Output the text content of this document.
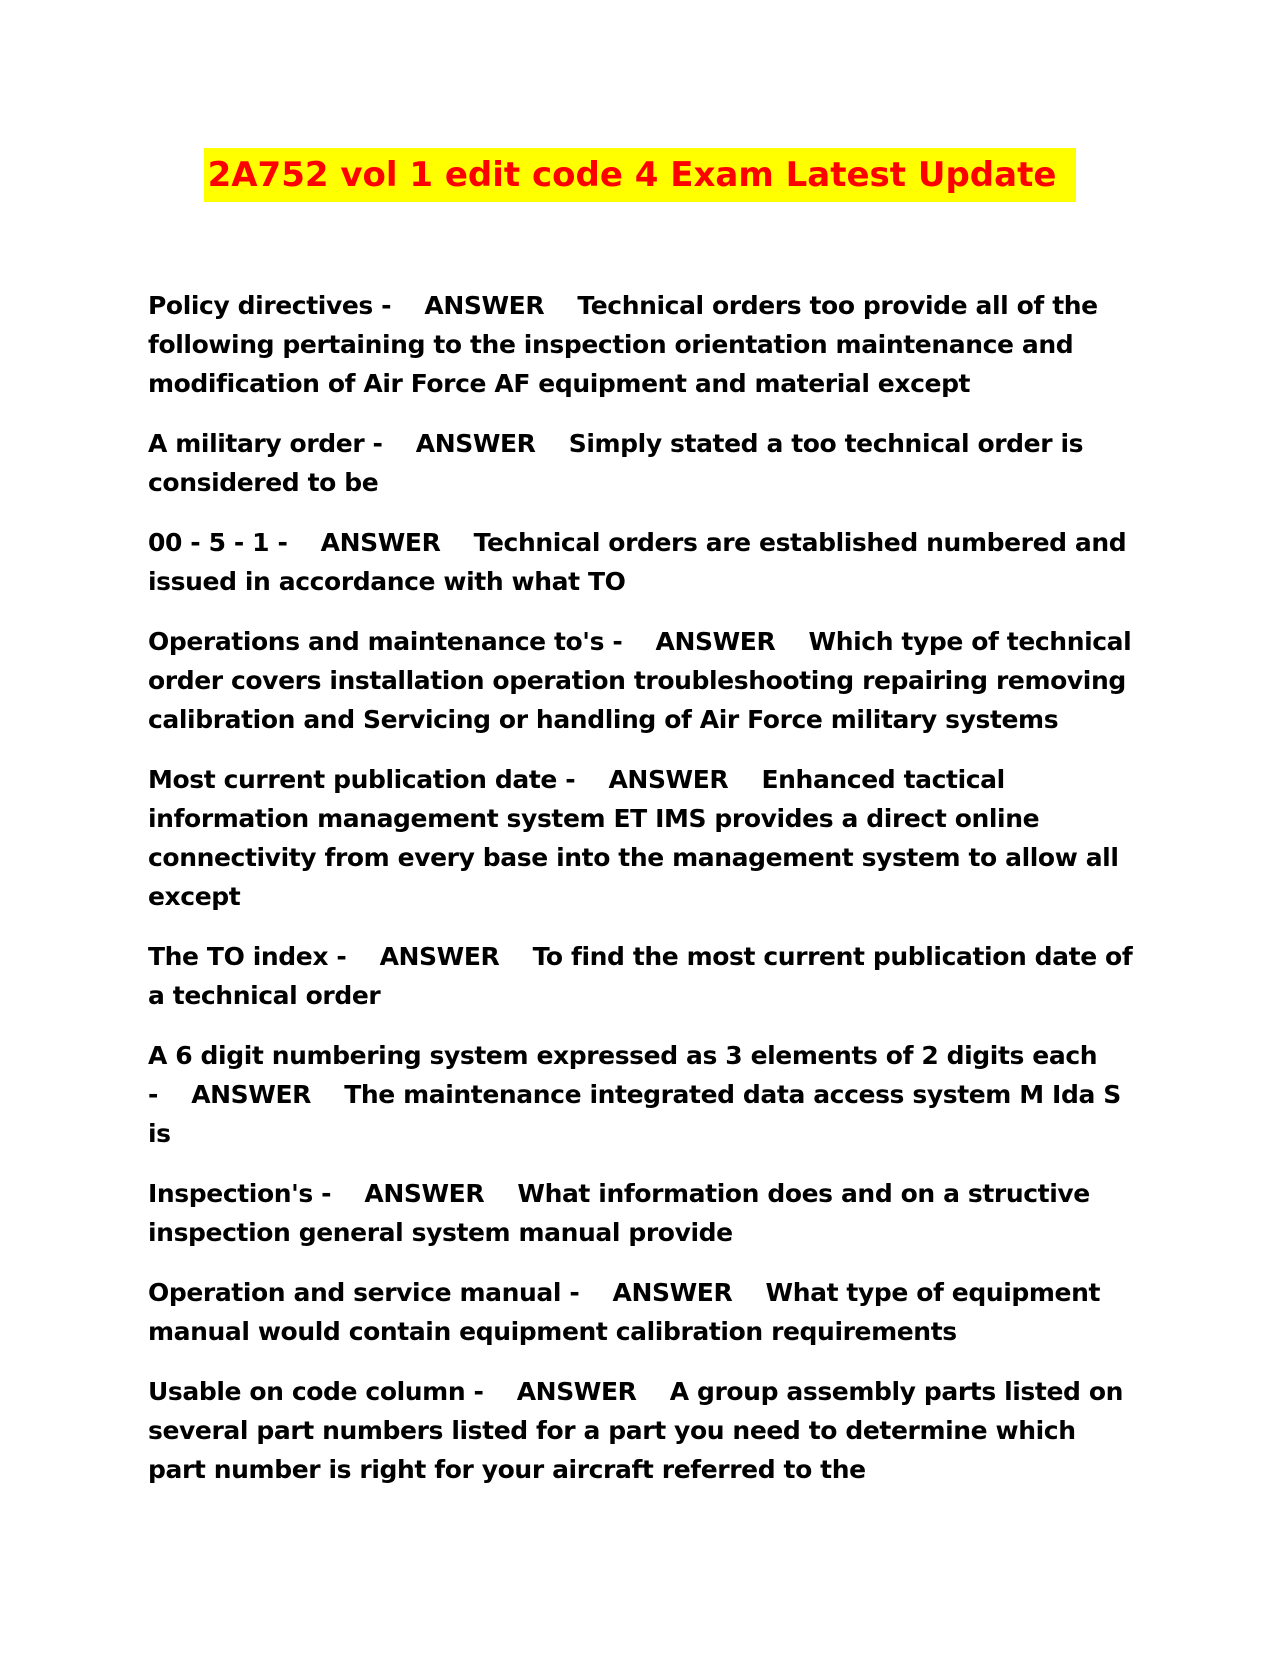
2A752 vol 1 edit code 4 Exam Latest Update

Policy directives - ANSWER Technical orders too provide all of the following pertaining to the inspection orientation maintenance and modification of Air Force AF equipment and material except

A military order - ANSWER Simply stated a too technical order is considered to be

00 - 5 - 1 - ANSWER Technical orders are established numbered and issued in accordance with what TO

Operations and maintenance to's - ANSWER Which type of technical order covers installation operation troubleshooting repairing removing calibration and Servicing or handling of Air Force military systems

Most current publication date - ANSWER Enhanced tactical information management system ET IMS provides a direct online connectivity from every base into the management system to allow all except

The TO index - ANSWER To find the most current publication date of a technical order

A 6 digit numbering system expressed as 3 elements of 2 digits each - ANSWER The maintenance integrated data access system M Ida S is

Inspection's - ANSWER What information does and on a structive inspection general system manual provide

Operation and service manual - ANSWER What type of equipment manual would contain equipment calibration requirements

Usable on code column - ANSWER A group assembly parts listed on several part numbers listed for a part you need to determine which part number is right for your aircraft referred to the
